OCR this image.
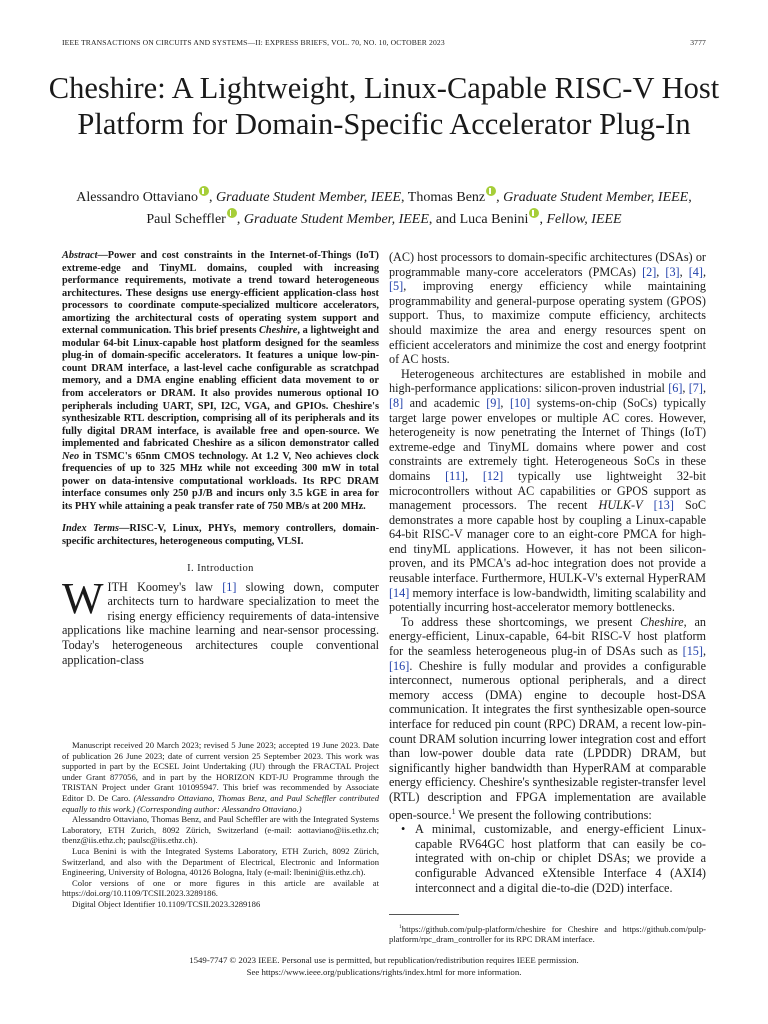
IEEE TRANSACTIONS ON CIRCUITS AND SYSTEMS—II: EXPRESS BRIEFS, VOL. 70, NO. 10, OCTOBER 2023	3777
Cheshire: A Lightweight, Linux-Capable RISC-V Host Platform for Domain-Specific Accelerator Plug-In
Alessandro Ottaviano , Graduate Student Member, IEEE, Thomas Benz , Graduate Student Member, IEEE,
Paul Scheffler , Graduate Student Member, IEEE, and Luca Benini , Fellow, IEEE

Abstract—Power and cost constraints in the Internet-of-Things (IoT) extreme-edge and TinyML domains, coupled with increasing performance requirements, motivate a trend toward heterogeneous architectures. These designs use energy-efficient application-class host processors to coordinate compute-specialized multicore accelerators, amortizing the architectural costs of operating system support and external communication. This brief presents Cheshire, a lightweight and modular 64-bit Linux-capable host platform designed for the seamless plug-in of domain-specific accelerators. It features a unique low-pin-count DRAM interface, a last-level cache configurable as scratchpad memory, and a DMA engine enabling efficient data movement to or from accelerators or DRAM. It also provides numerous optional IO peripherals including UART, SPI, I2C, VGA, and GPIOs. Cheshire's synthesizable RTL description, comprising all of its peripherals and its fully digital DRAM interface, is available free and open-source. We implemented and fabricated Cheshire as a silicon demonstrator called Neo in TSMC's 65nm CMOS technology. At 1.2 V, Neo achieves clock frequencies of up to 325 MHz while not exceeding 300 mW in total power on data-intensive computational workloads. Its RPC DRAM interface consumes only 250 pJ/B and incurs only 3.5 kGE in area for its PHY while attaining a peak transfer rate of 750 MB/s at 200 MHz.

Index Terms—RISC-V, Linux, PHYs, memory controllers, domain-specific architectures, heterogeneous computing, VLSI.

I. Introduction

WITH Koomey's law [1] slowing down, computer architects turn to hardware specialization to meet the rising energy efficiency requirements of data-intensive applications like machine learning and near-sensor processing. Today's heterogeneous architectures couple conventional application-class

Manuscript received 20 March 2023; revised 5 June 2023; accepted 19 June 2023. Date of publication 26 June 2023; date of current version 25 September 2023. This work was supported in part by the ECSEL Joint Undertaking (JU) through the FRACTAL Project under Grant 877056, and in part by the HORIZON KDT-JU Programme through the TRISTAN Project under Grant 101095947. This brief was recommended by Associate Editor D. De Caro. (Alessandro Ottaviano, Thomas Benz, and Paul Scheffler contributed equally to this work.) (Corresponding author: Alessandro Ottaviano.)

Alessandro Ottaviano, Thomas Benz, and Paul Scheffler are with the Integrated Systems Laboratory, ETH Zurich, 8092 Zürich, Switzerland (e-mail: aottaviano@iis.ethz.ch; tbenz@iis.ethz.ch; paulsc@iis.ethz.ch).

Luca Benini is with the Integrated Systems Laboratory, ETH Zurich, 8092 Zürich, Switzerland, and also with the Department of Electrical, Electronic and Information Engineering, University of Bologna, 40126 Bologna, Italy (e-mail: lbenini@iis.ethz.ch).

Color versions of one or more figures in this article are available at https://doi.org/10.1109/TCSII.2023.3289186.

Digital Object Identifier 10.1109/TCSII.2023.3289186

(AC) host processors to domain-specific architectures (DSAs) or programmable many-core accelerators (PMCAs) [2], [3], [4], [5], improving energy efficiency while maintaining programmability and general-purpose operating system (GPOS) support. Thus, to maximize compute efficiency, architects should maximize the area and energy resources spent on efficient accelerators and minimize the cost and energy footprint of AC hosts.

Heterogeneous architectures are established in mobile and high-performance applications: silicon-proven industrial [6], [7], [8] and academic [9], [10] systems-on-chip (SoCs) typically target large power envelopes or multiple AC cores. However, heterogeneity is now penetrating the Internet of Things (IoT) extreme-edge and TinyML domains where power and cost constraints are extremely tight. Heterogeneous SoCs in these domains [11], [12] typically use lightweight 32-bit microcontrollers without AC capabilities or GPOS support as management processors. The recent HULK-V [13] SoC demonstrates a more capable host by coupling a Linux-capable 64-bit RISC-V manager core to an eight-core PMCA for high-end tinyML applications. However, it has not been silicon-proven, and its PMCA's ad-hoc integration does not provide a reusable interface. Furthermore, HULK-V's external HyperRAM [14] memory interface is low-bandwidth, limiting scalability and potentially incurring host-accelerator memory bottlenecks.

To address these shortcomings, we present Cheshire, an energy-efficient, Linux-capable, 64-bit RISC-V host platform for the seamless heterogeneous plug-in of DSAs such as [15], [16]. Cheshire is fully modular and provides a configurable interconnect, numerous optional peripherals, and a direct memory access (DMA) engine to decouple host-DSA communication. It integrates the first synthesizable open-source interface for reduced pin count (RPC) DRAM, a recent low-pin-count DRAM solution incurring lower integration cost and effort than low-power double data rate (LPDDR) DRAM, but significantly higher bandwidth than HyperRAM at comparable energy efficiency. Cheshire's synthesizable register-transfer level (RTL) description and FPGA implementation are available open-source.$^1$ We present the following contributions:

• A minimal, customizable, and energy-efficient Linux-capable RV64GC host platform that can easily be co-integrated with on-chip or chiplet DSAs; we provide a configurable Advanced eXtensible Interface 4 (AXI4) interconnect and a digital die-to-die (D2D) interface.

$^1$https://github.com/pulp-platform/cheshire for Cheshire and https://github.com/pulp-platform/rpc_dram_controller for its RPC DRAM interface.

1549-7747 © 2023 IEEE. Personal use is permitted, but republication/redistribution requires IEEE permission.
See https://www.ieee.org/publications/rights/index.html for more information.
